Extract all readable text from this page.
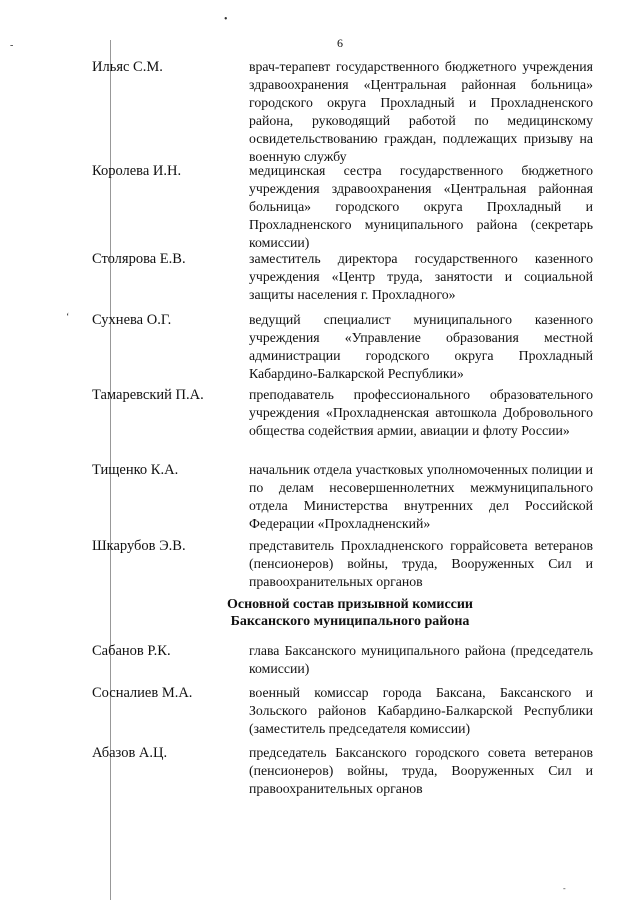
•
-
‘
-
6
Ильяс С.М.	врач-терапевт государственного бюджетного учреждения здравоохранения «Центральная районная больница» городского округа Прохладный и Прохладненского района, руководящий работой по медицинскому освидетельствованию граждан, подлежащих призыву на военную службу
Королева И.Н.	медицинская сестра государственного бюджетного учреждения здравоохранения «Центральная районная больница» городского округа Прохладный и Прохладненского муниципального района (секретарь комиссии)
Столярова Е.В.	заместитель директора государственного казенного учреждения «Центр труда, занятости и социальной защиты населения г. Прохладного»
Сухнева О.Г.	ведущий специалист муниципального казенного учреждения «Управление образования местной администрации городского округа Прохладный Кабардино-Балкарской Республики»
Тамаревский П.А.	преподаватель профессионального образовательного учреждения «Прохладненская автошкола Добровольного общества содействия армии, авиации и флоту России»
Тищенко К.А.	начальник отдела участковых уполномоченных полиции и по делам несовершеннолетних межмуниципального отдела Министерства внутренних дел Российской Федерации «Прохладненский»
Шкарубов Э.В.	представитель Прохладненского горрайсовета ветеранов (пенсионеров) войны, труда, Вооруженных Сил и правоохранительных органов
Основной состав призывной комиссии
Баксанского муниципального района
Сабанов Р.К.	глава Баксанского муниципального района (председатель комиссии)
Соснaлиев М.А.	военный комиссар города Баксана, Баксанского и Зольского районов Кабардино-Балкарской Республики (заместитель председателя комиссии)
Абазов А.Ц.	председатель Баксанского городского совета ветеранов (пенсионеров) войны, труда, Вооруженных Сил и правоохранительных органов
